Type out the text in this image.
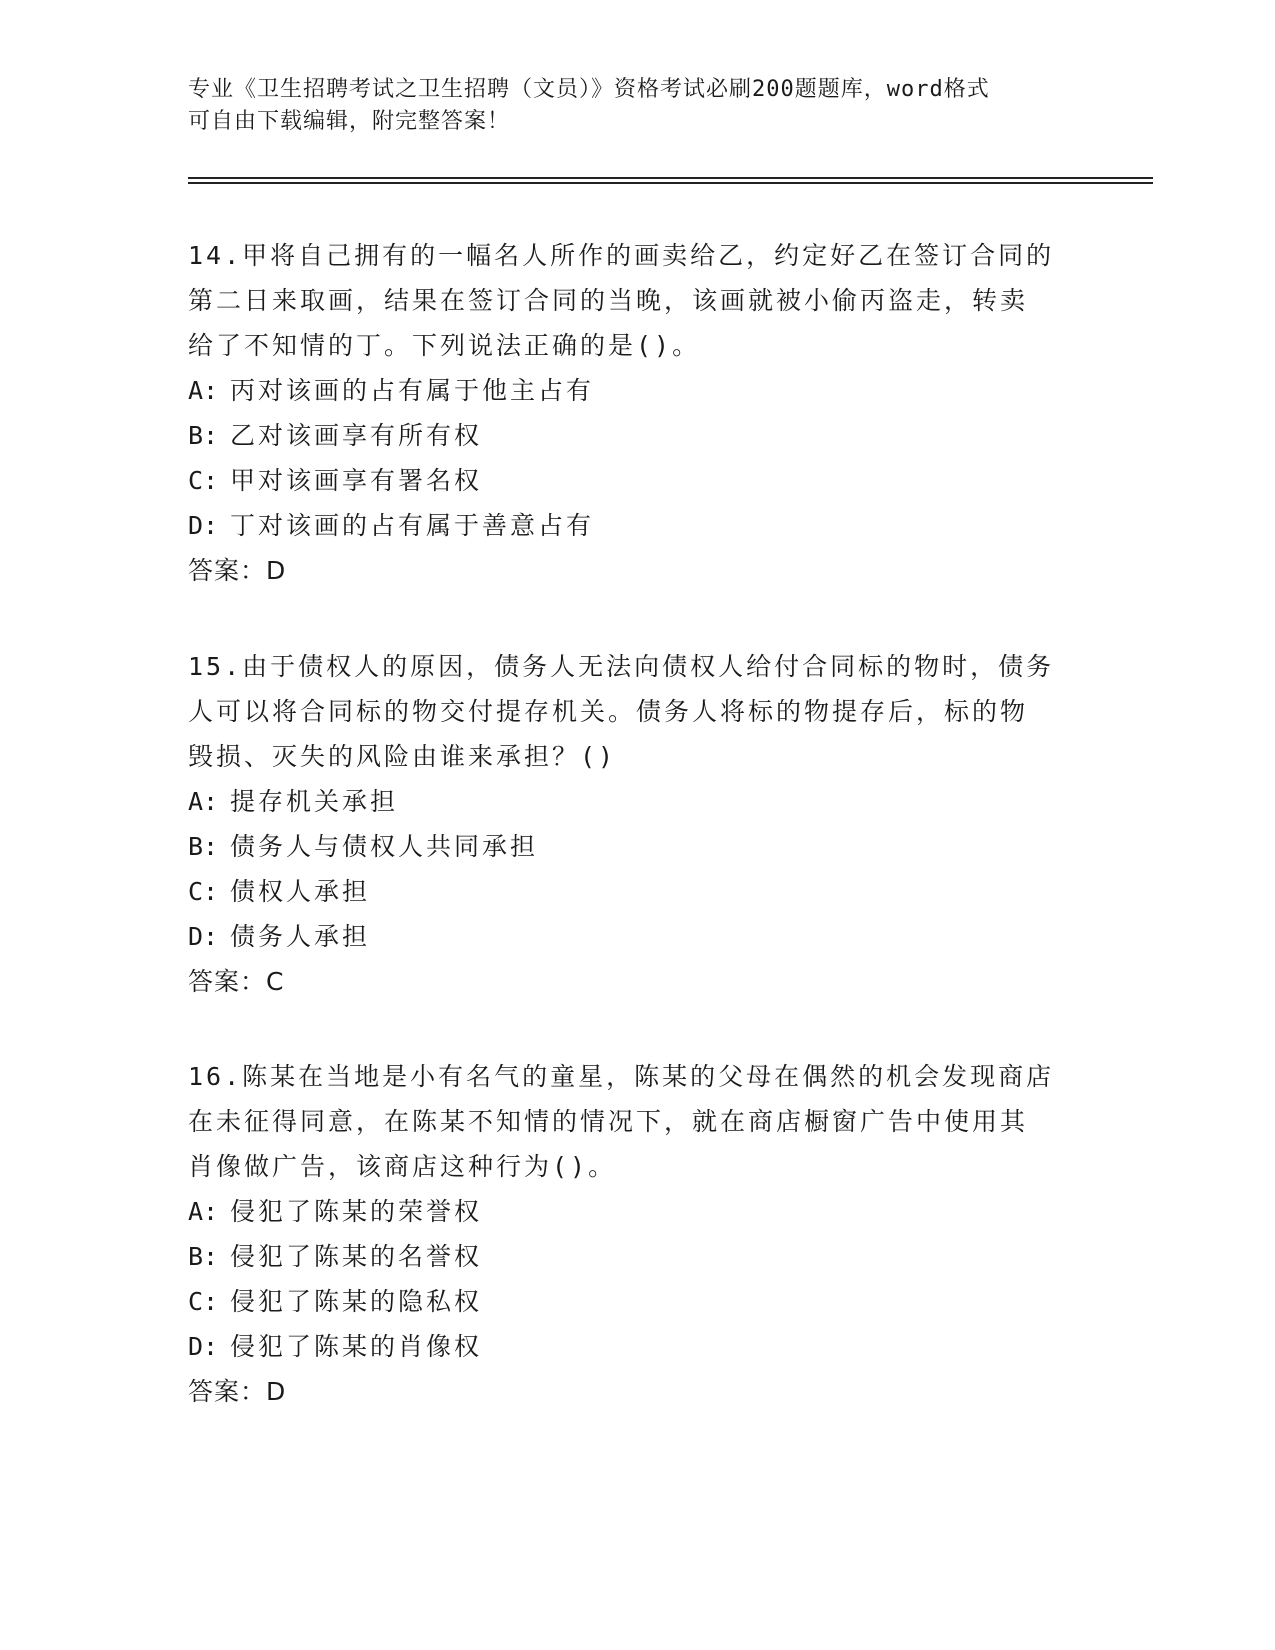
专业《卫生招聘考试之卫生招聘（文员）》资格考试必刷200题题库，word格式
可自由下载编辑，附完整答案！
14.甲将自己拥有的一幅名人所作的画卖给乙，约定好乙在签订合同的
第二日来取画，结果在签订合同的当晚，该画就被小偷丙盗走，转卖
给了不知情的丁。下列说法正确的是()。
A: 丙对该画的占有属于他主占有
B: 乙对该画享有所有权
C: 甲对该画享有署名权
D: 丁对该画的占有属于善意占有
答案：D
15.由于债权人的原因，债务人无法向债权人给付合同标的物时，债务
人可以将合同标的物交付提存机关。债务人将标的物提存后，标的物
毁损、灭失的风险由谁来承担？()
A: 提存机关承担
B: 债务人与债权人共同承担
C: 债权人承担
D: 债务人承担
答案：C
16.陈某在当地是小有名气的童星，陈某的父母在偶然的机会发现商店
在未征得同意，在陈某不知情的情况下，就在商店橱窗广告中使用其
肖像做广告，该商店这种行为()。
A: 侵犯了陈某的荣誉权
B: 侵犯了陈某的名誉权
C: 侵犯了陈某的隐私权
D: 侵犯了陈某的肖像权
答案：D
